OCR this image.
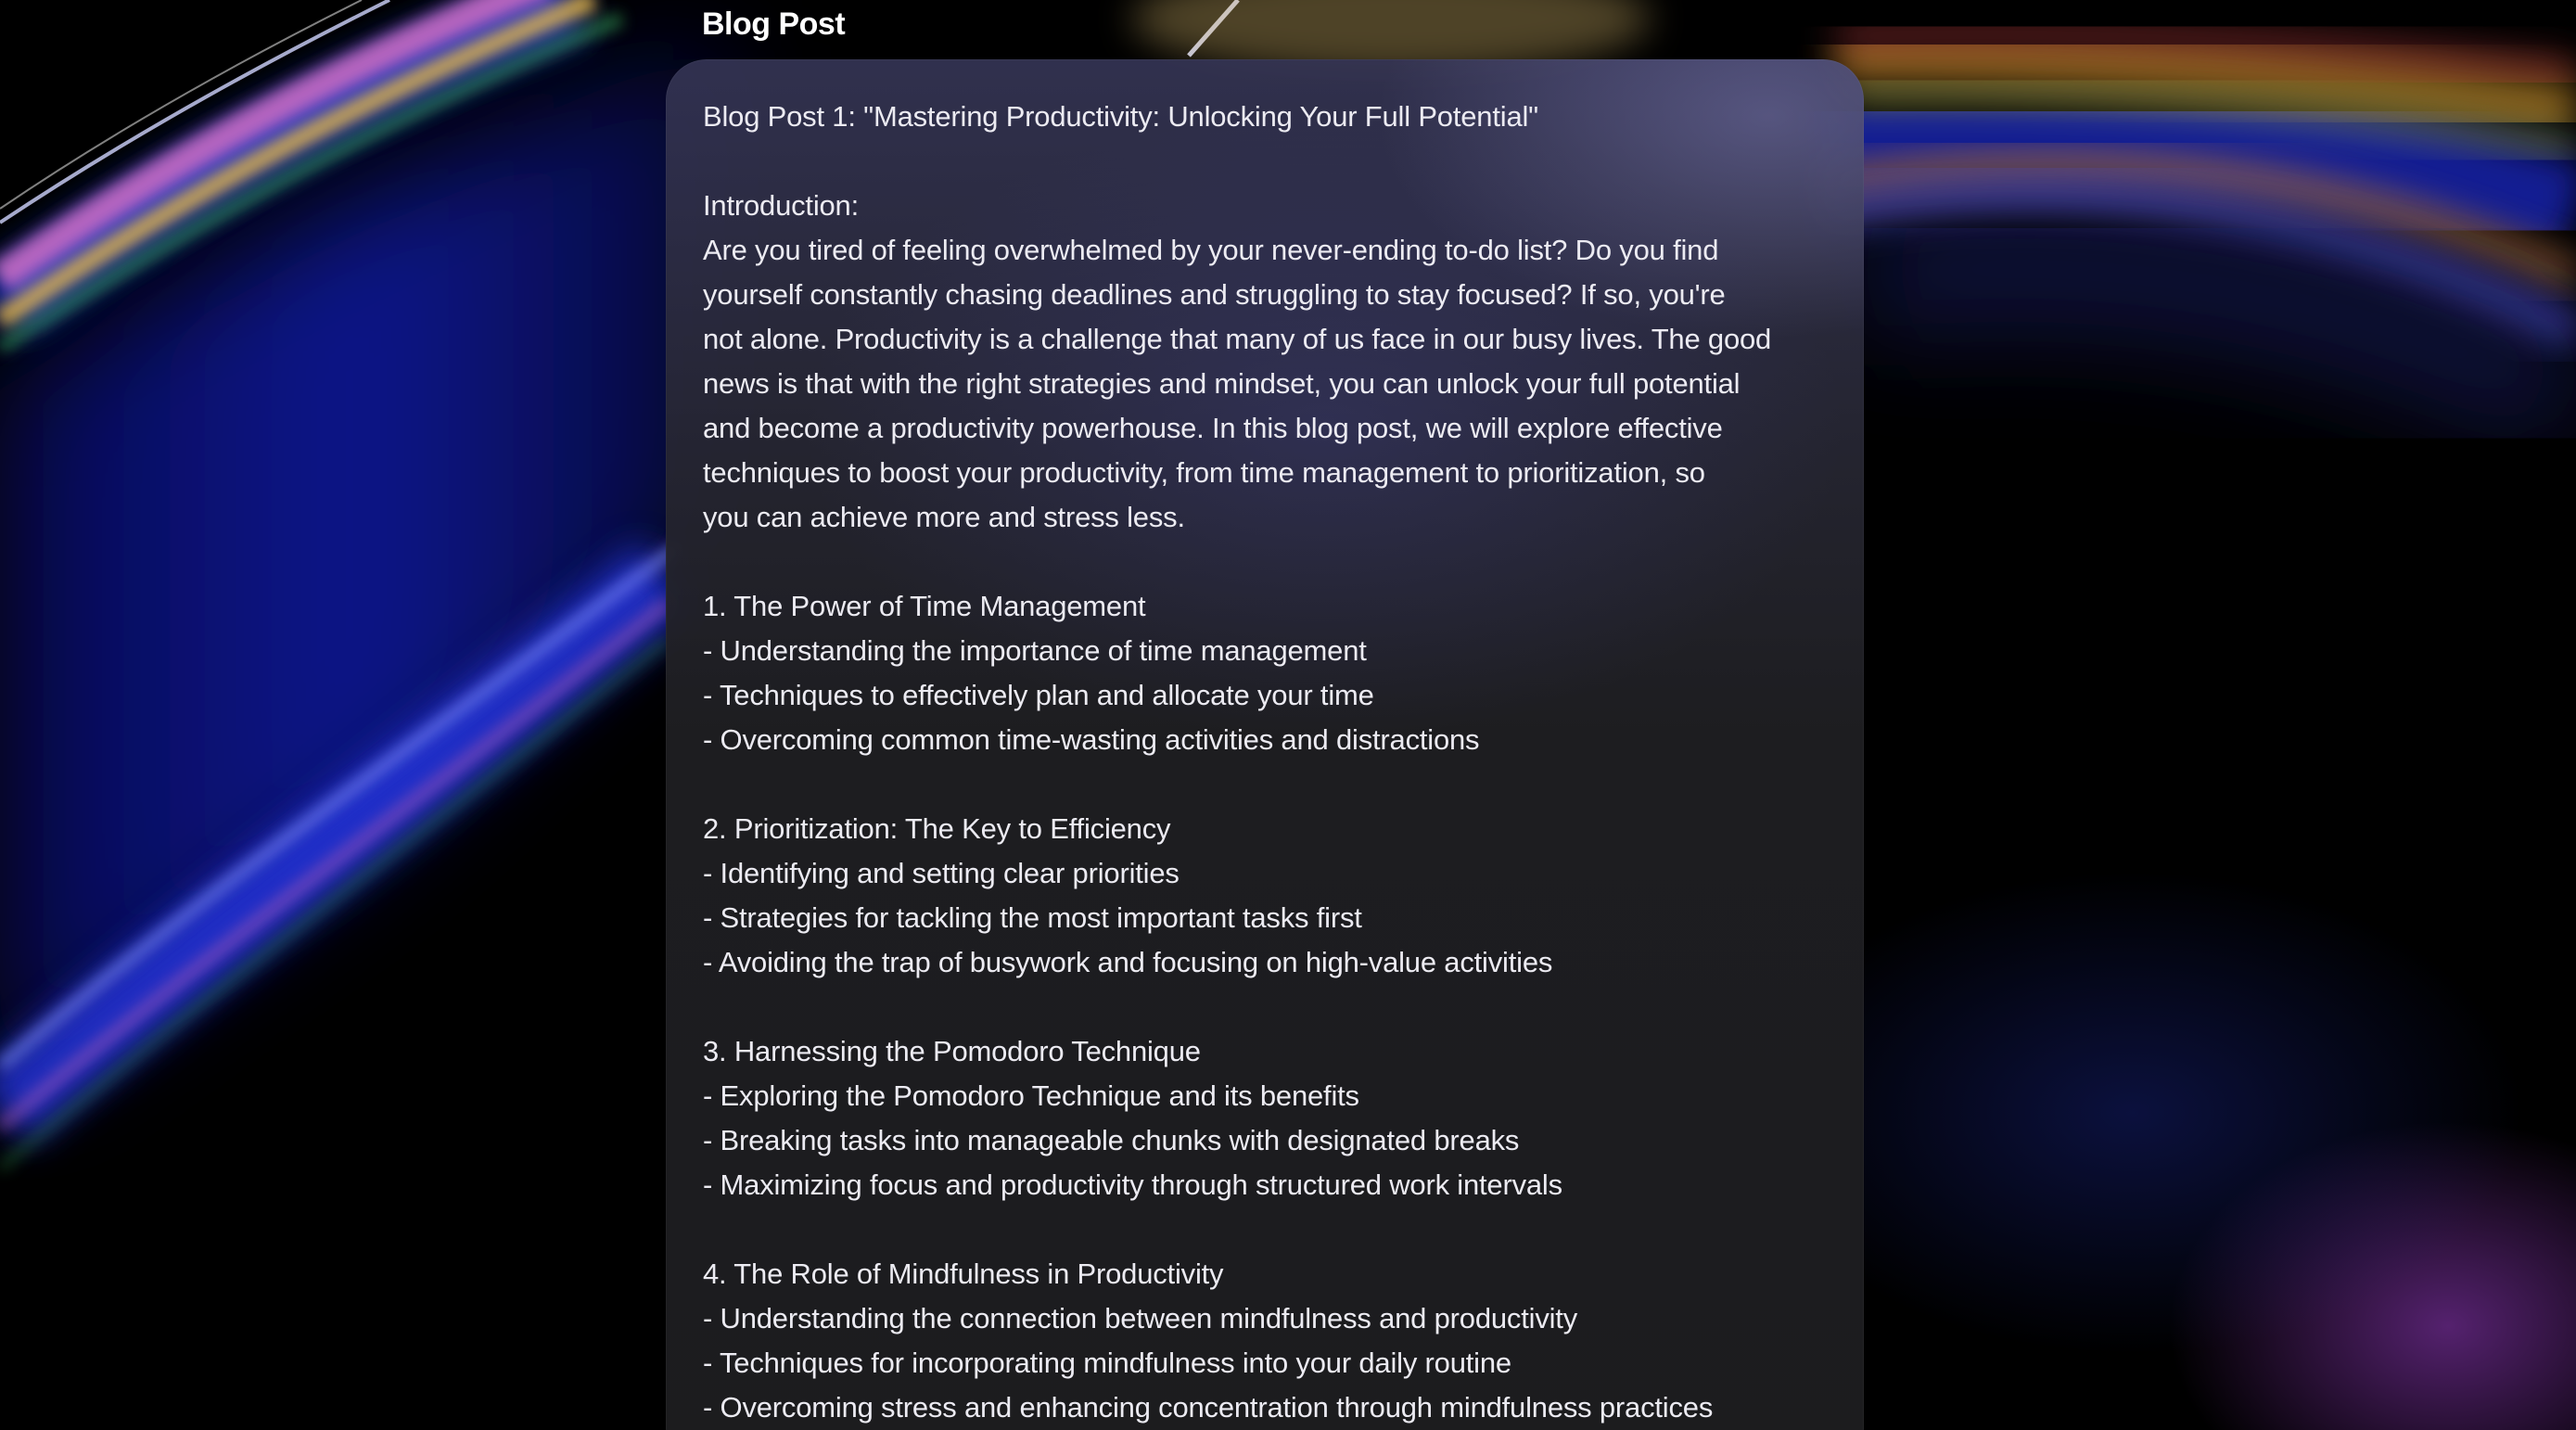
Blog Post
Blog Post 1: "Mastering Productivity: Unlocking Your Full Potential"
Introduction:
Are you tired of feeling overwhelmed by your never-ending to-do list? Do you find
yourself constantly chasing deadlines and struggling to stay focused? If so, you're
not alone. Productivity is a challenge that many of us face in our busy lives. The good
news is that with the right strategies and mindset, you can unlock your full potential
and become a productivity powerhouse. In this blog post, we will explore effective
techniques to boost your productivity, from time management to prioritization, so
you can achieve more and stress less.
1. The Power of Time Management
- Understanding the importance of time management
- Techniques to effectively plan and allocate your time
- Overcoming common time-wasting activities and distractions
2. Prioritization: The Key to Efficiency
- Identifying and setting clear priorities
- Strategies for tackling the most important tasks first
- Avoiding the trap of busywork and focusing on high-value activities
3. Harnessing the Pomodoro Technique
- Exploring the Pomodoro Technique and its benefits
- Breaking tasks into manageable chunks with designated breaks
- Maximizing focus and productivity through structured work intervals
4. The Role of Mindfulness in Productivity
- Understanding the connection between mindfulness and productivity
- Techniques for incorporating mindfulness into your daily routine
- Overcoming stress and enhancing concentration through mindfulness practices
